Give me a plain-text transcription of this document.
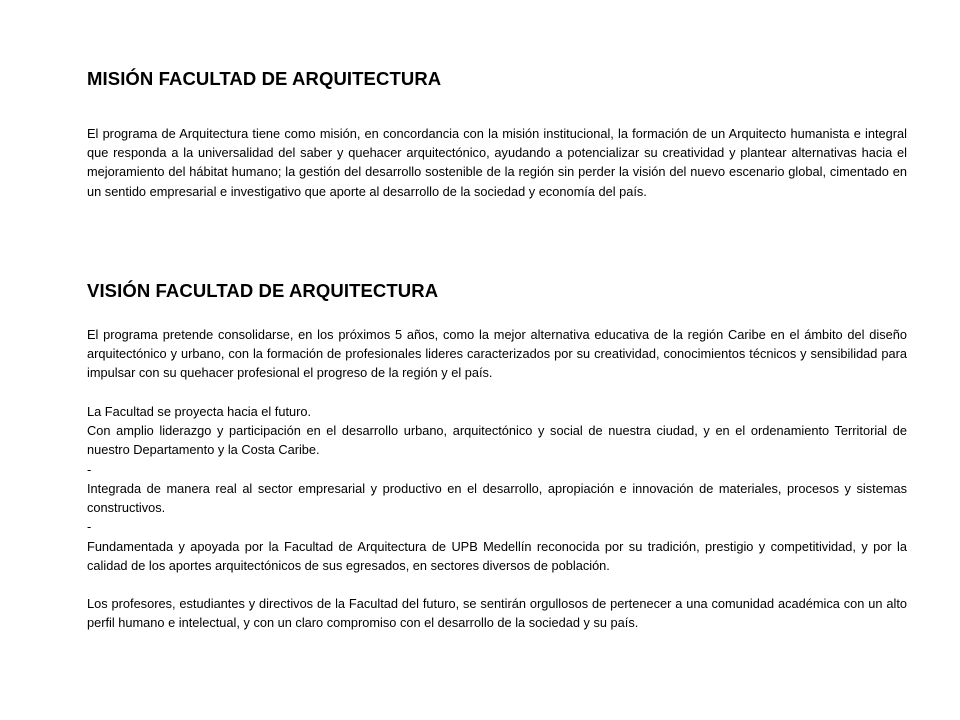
MISIÓN FACULTAD DE ARQUITECTURA

El programa de Arquitectura tiene como misión, en concordancia con la misión institucional, la formación de un Arquitecto humanista e integral que responda a la universalidad del saber y quehacer arquitectónico, ayudando a potencializar su creatividad y plantear alternativas hacia el mejoramiento del hábitat humano; la gestión del desarrollo sostenible de la región sin perder la visión del nuevo escenario global, cimentado en un sentido empresarial e investigativo que aporte al desarrollo de la sociedad y economía del país.

VISIÓN FACULTAD DE ARQUITECTURA

El programa pretende consolidarse, en los próximos 5 años, como la mejor alternativa educativa de la región Caribe en el ámbito del diseño arquitectónico y urbano, con la formación de profesionales lideres caracterizados por su creatividad, conocimientos técnicos y sensibilidad para impulsar con su quehacer profesional el progreso de la región y el país.

La Facultad se proyecta hacia el futuro.

Con amplio liderazgo y participación en el desarrollo urbano, arquitectónico y social de nuestra ciudad, y en el ordenamiento Territorial de nuestro Departamento y la Costa Caribe.

-

Integrada de manera real al sector empresarial y productivo en el desarrollo, apropiación e innovación de materiales, procesos y sistemas constructivos.

-

Fundamentada y apoyada por la Facultad de Arquitectura de UPB Medellín reconocida por su tradición, prestigio y competitividad, y por la calidad de los aportes arquitectónicos de sus egresados, en sectores diversos de población.

Los profesores, estudiantes y directivos de la Facultad del futuro, se sentirán orgullosos de pertenecer a una comunidad académica con un alto perfil humano e intelectual, y con un claro compromiso con el desarrollo de la sociedad y su país.
